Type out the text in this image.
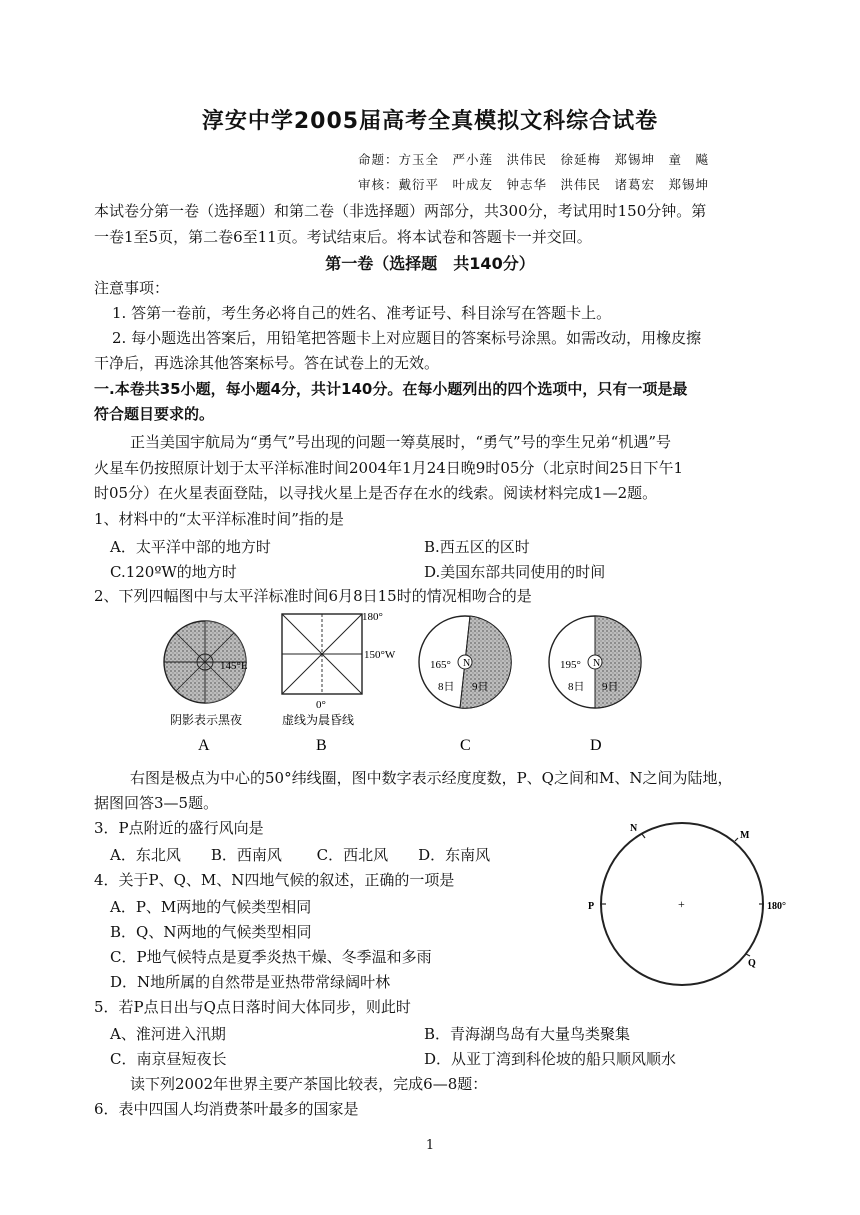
淳安中学2005届高考全真模拟文科综合试卷
命题：方玉全　严小莲　洪伟民　徐延梅　郑锡坤　童　飚
审核：戴衍平　叶成友　钟志华　洪伟民　诸葛宏　郑锡坤
本试卷分第一卷（选择题）和第二卷（非选择题）两部分，共300分，考试用时150分钟。第
一卷1至5页，第二卷6至11页。考试结束后。将本试卷和答题卡一并交回。
第一卷（选择题　共140分）
注意事项：
1. 答第一卷前，考生务必将自己的姓名、准考证号、科目涂写在答题卡上。
2. 每小题选出答案后，用铅笔把答题卡上对应题目的答案标号涂黑。如需改动，用橡皮擦
干净后，再选涂其他答案标号。答在试卷上的无效。
一.本卷共35小题，每小题4分，共计140分。在每小题列出的四个选项中，只有一项是最
符合题目要求的。
正当美国宇航局为“勇气”号出现的问题一筹莫展时，“勇气”号的孪生兄弟“机遇”号
火星车仍按照原计划于太平洋标准时间2004年1月24日晚9时05分（北京时间25日下午1
时05分）在火星表面登陆，以寻找火星上是否存在水的线索。阅读材料完成1—2题。
1、材料中的“太平洋标准时间”指的是
A．太平洋中部的地方时	B.西五区的区时
C.120ºW的地方时	D.美国东部共同使用的时间
2、下列四幅图中与太平洋标准时间6月8日15时的情况相吻合的是
145°E
阴影表示黑夜
A
180°
150°W
0°
虚线为晨昏线
B
165° N
8日 9日
C
195° N
8日 9日
D
右图是极点为中心的50°纬线圈，图中数字表示经度度数，P、Q之间和M、N之间为陆地，
据图回答3—5题。
3．P点附近的盛行风向是
A．东北风　　B．西南风　　 C．西北风　　D．东南风
4．关于P、Q、M、N四地气候的叙述，正确的一项是
A．P、M两地的气候类型相同
B．Q、N两地的气候类型相同
C．P地气候特点是夏季炎热干燥、冬季温和多雨
D．N地所属的自然带是亚热带常绿阔叶林
+
N
M
P	180°
Q
5．若P点日出与Q点日落时间大体同步，则此时
A、淮河进入汛期	B．青海湖鸟岛有大量鸟类聚集
C．南京昼短夜长	D．从亚丁湾到科伦坡的船只顺风顺水
读下列2002年世界主要产茶国比较表，完成6—8题：
6．表中四国人均消费茶叶最多的国家是
1
